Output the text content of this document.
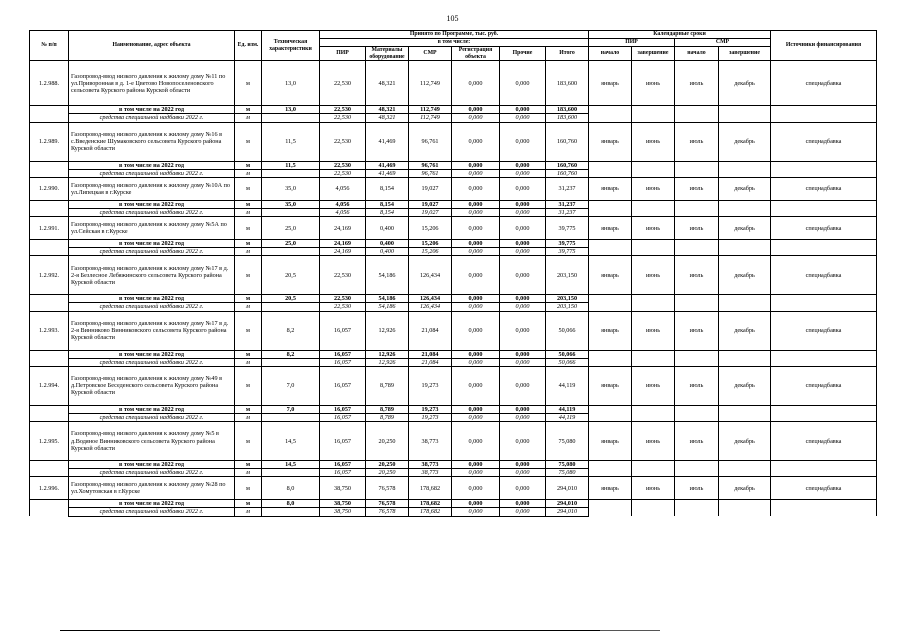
105
№ п/п	Наименование, адрес объекта	Ед. изм.	Техническая характеристики	Принято по Программе, тыс. руб.						Календарные сроки				Источники финансирования
				в том числе:						ПИР		СМР		
				ПИР	Материалы оборудование	СМР	Регистрация объекта	Прочие	Итого	начало	завершение	начало	завершение	
1.2.988.	Газопровод-ввод низкого давления к жилому дому №11 по ул.Приворонная в д. 1-е Цветово Новопоселеновского сельсовета Курского района Курской области	м	13,0	22,530	48,321	112,749	0,000	0,000	183,600	январь	июнь	июль	декабрь	спецнадбавка
	в том числе на 2022 год	м	13,0	22,530	48,321	112,749	0,000	0,000	183,600					
	средства специальной надбавки 2022 г.	м		22,530	48,321	112,749	0,000	0,000	183,600					
1.2.989.	Газопровод-ввод низкого давления к жилому дому №16 в с.Введенские Шумаковского сельсовета Курского района Курской области	м	11,5	22,530	41,469	96,761	0,000	0,000	160,760	январь	июнь	июль	декабрь	спецнадбавка
	в том числе на 2022 год	м	11,5	22,530	41,469	96,761	0,000	0,000	160,760					
	средства специальной надбавки 2022 г.	м		22,530	41,469	96,761	0,000	0,000	160,760					
1.2.990.	Газопровод-ввод низкого давления к жилому дому №10А по ул.Липецкая в г.Курске	м	35,0	4,056	8,154	19,027	0,000	0,000	31,237	январь	июнь	июль	декабрь	спецнадбавка
	в том числе на 2022 год	м	35,0	4,056	8,154	19,027	0,000	0,000	31,237					
	средства специальной надбавки 2022 г.	м		4,056	8,154	19,027	0,000	0,000	31,237					
1.2.991.	Газопровод-ввод низкого давления к жилому дому №5А по ул.Сейская в г.Курске	м	25,0	24,169	0,400	15,206	0,000	0,000	39,775	январь	июнь	июль	декабрь	спецнадбавка
	в том числе на 2022 год	м	25,0	24,169	0,400	15,206	0,000	0,000	39,775					
	средства специальной надбавки 2022 г.	м		24,169	0,400	15,206	0,000	0,000	39,775					
1.2.992.	Газопровод-ввод низкого давления к жилому дому №17 в д. 2-я Безлесное Лебяжинского сельсовета Курского района Курской области	м	20,5	22,530	54,186	126,434	0,000	0,000	203,150	январь	июнь	июль	декабрь	спецнадбавка
	в том числе на 2022 год	м	20,5	22,530	54,186	126,434	0,000	0,000	203,150					
	средства специальной надбавки 2022 г.	м		22,530	54,186	126,434	0,000	0,000	203,150					
1.2.993.	Газопровод-ввод низкого давления к жилому дому №17 в д. 2-я Винниково Винниковского сельсовета Курского района Курской области	м	8,2	16,057	12,926	21,084	0,000	0,000	50,066	январь	июнь	июль	декабрь	спецнадбавка
	в том числе на 2022 год	м	8,2	16,057	12,926	21,084	0,000	0,000	50,066					
	средства специальной надбавки 2022 г.	м		16,057	12,926	21,084	0,000	0,000	50,066					
1.2.994.	Газопровод-ввод низкого давления к жилому дому №49 в д.Петровское Беседенского сельсовета Курского района Курской области	м	7,0	16,057	8,789	19,273	0,000	0,000	44,119	январь	июнь	июль	декабрь	спецнадбавка
	в том числе на 2022 год	м	7,0	16,057	8,789	19,273	0,000	0,000	44,119					
	средства специальной надбавки 2022 г.	м		16,057	8,789	19,273	0,000	0,000	44,119					
1.2.995.	Газопровод-ввод низкого давления к жилому дому №5 в д.Водяное Винниковского сельсовета Курского района Курской области	м	14,5	16,057	20,250	38,773	0,000	0,000	75,080	январь	июнь	июль	декабрь	спецнадбавка
	в том числе на 2022 год	м	14,5	16,057	20,250	38,773	0,000	0,000	75,080					
	средства специальной надбавки 2022 г.	м		16,057	20,250	38,773	0,000	0,000	75,080					
1.2.996.	Газопровод-ввод низкого давления к жилому дому №28 по ул.Хомутовская в г.Курске	м	8,0	38,750	76,578	178,682	0,000	0,000	294,010	январь	июнь	июль	декабрь	спецнадбавка
	в том числе на 2022 год	м	8,0	38,750	76,578	178,682	0,000	0,000	294,010					
	средства специальной надбавки 2022 г.	м		38,750	76,578	178,682	0,000	0,000	294,010					
